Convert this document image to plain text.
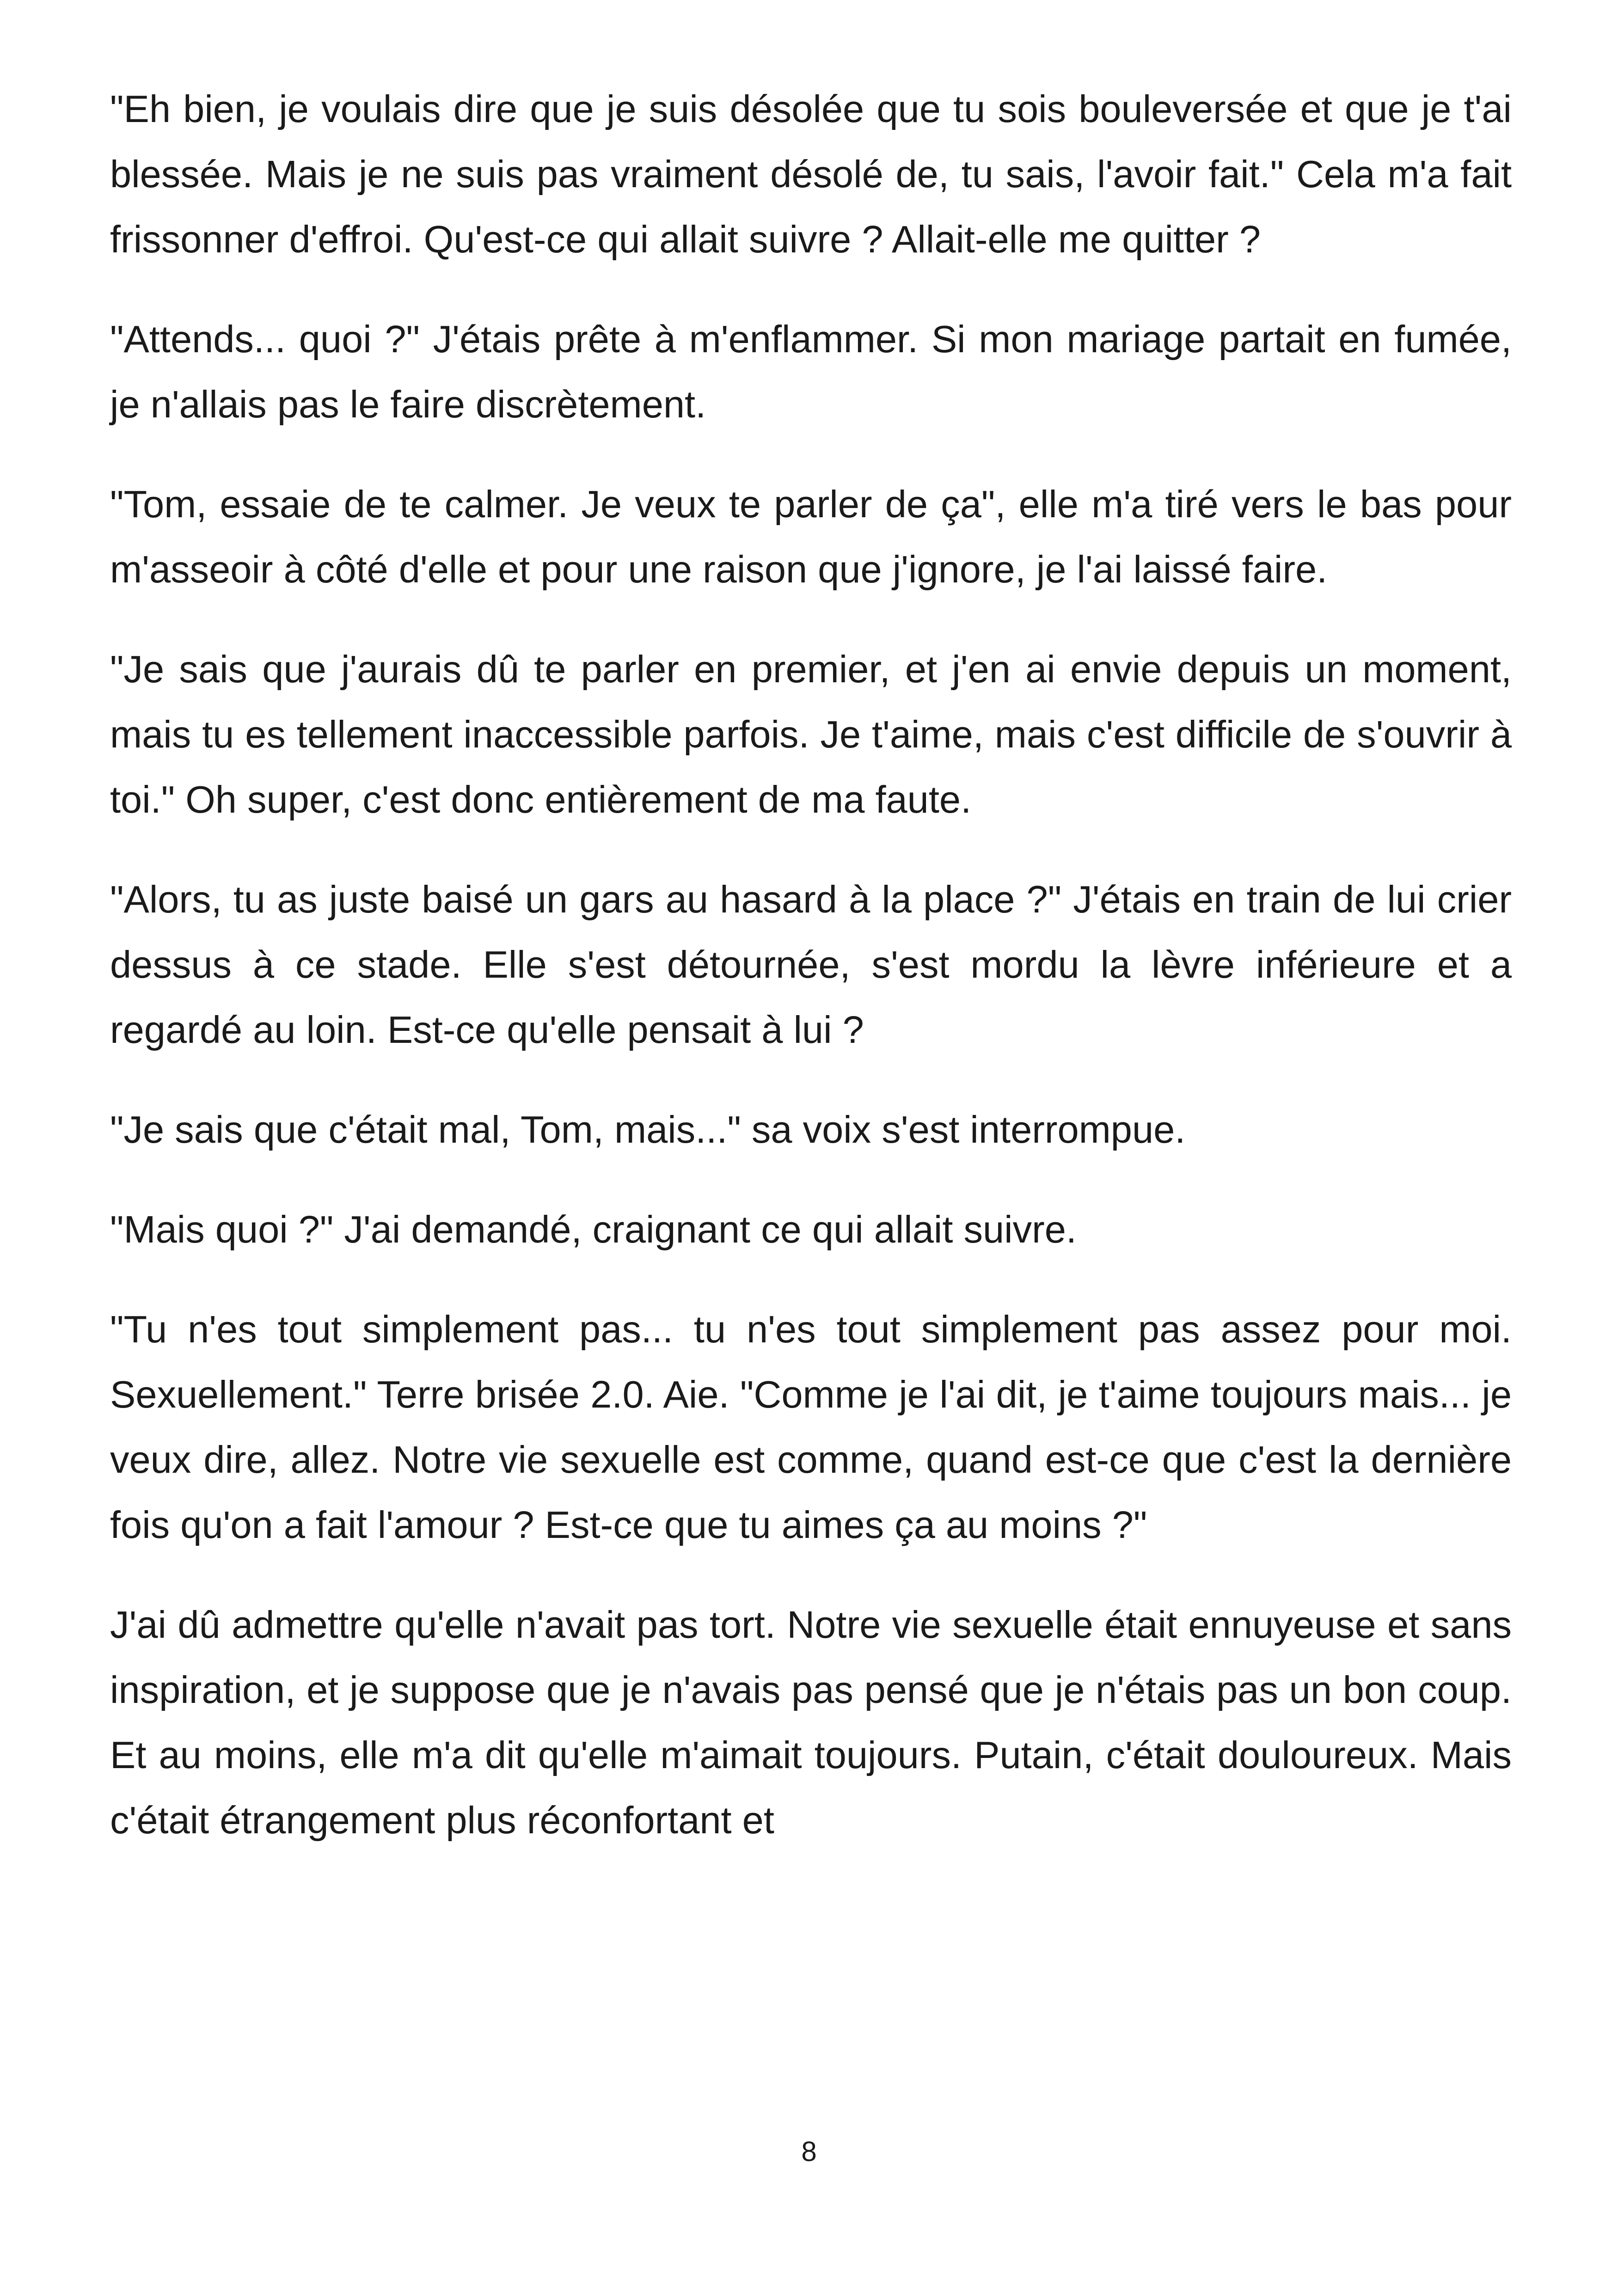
"Eh bien, je voulais dire que je suis désolée que tu sois bouleversée et que je t'ai blessée. Mais je ne suis pas vraiment désolé de, tu sais, l'avoir fait." Cela m'a fait frissonner d'effroi. Qu'est-ce qui allait suivre ? Allait-elle me quitter ?

"Attends... quoi ?" J'étais prête à m'enflammer. Si mon mariage partait en fumée, je n'allais pas le faire discrètement.

"Tom, essaie de te calmer. Je veux te parler de ça", elle m'a tiré vers le bas pour m'asseoir à côté d'elle et pour une raison que j'ignore, je l'ai laissé faire.

"Je sais que j'aurais dû te parler en premier, et j'en ai envie depuis un moment, mais tu es tellement inaccessible parfois. Je t'aime, mais c'est difficile de s'ouvrir à toi." Oh super, c'est donc entièrement de ma faute.

"Alors, tu as juste baisé un gars au hasard à la place ?" J'étais en train de lui crier dessus à ce stade. Elle s'est détournée, s'est mordu la lèvre inférieure et a regardé au loin. Est-ce qu'elle pensait à lui ?

"Je sais que c'était mal, Tom, mais..." sa voix s'est interrompue.

"Mais quoi ?" J'ai demandé, craignant ce qui allait suivre.

"Tu n'es tout simplement pas... tu n'es tout simplement pas assez pour moi. Sexuellement." Terre brisée 2.0. Aie. "Comme je l'ai dit, je t'aime toujours mais... je veux dire, allez. Notre vie sexuelle est comme, quand est-ce que c'est la dernière fois qu'on a fait l'amour ? Est-ce que tu aimes ça au moins ?"

J'ai dû admettre qu'elle n'avait pas tort. Notre vie sexuelle était ennuyeuse et sans inspiration, et je suppose que je n'avais pas pensé que je n'étais pas un bon coup. Et au moins, elle m'a dit qu'elle m'aimait toujours. Putain, c'était douloureux. Mais c'était étrangement plus réconfortant et

8
